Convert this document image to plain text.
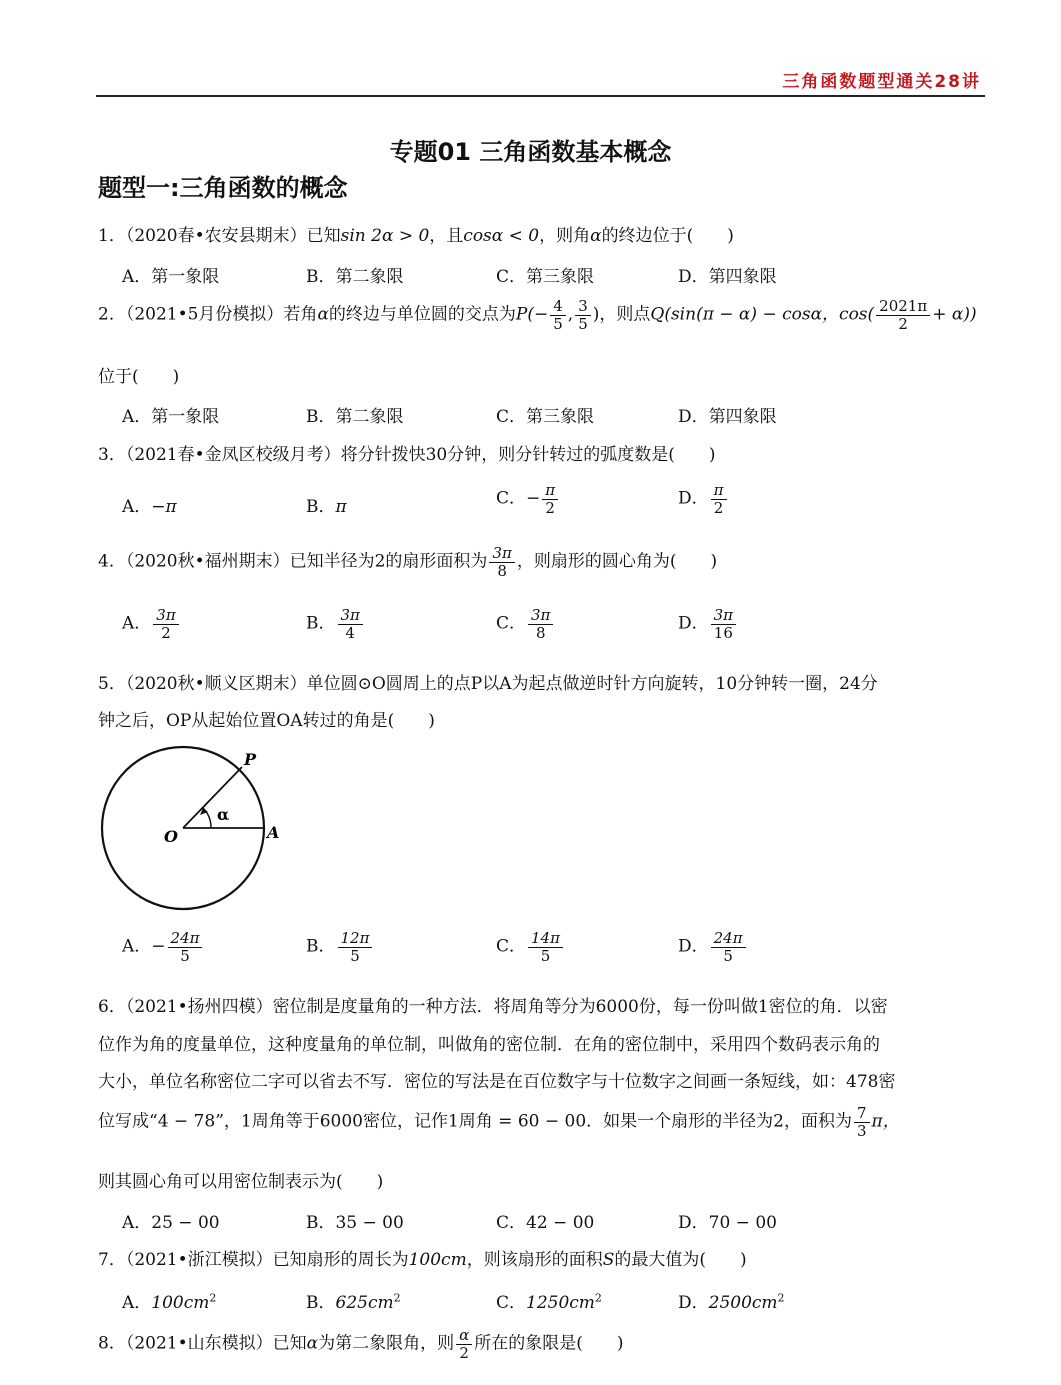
三角函数题型通关28讲
专题01 三角函数基本概念
题型一:三角函数的概念
1．（2020春•农安县期末）已知sin 2α > 0，且cosα < 0，则角α的终边位于(　　)
A．第一象限	B．第二象限	C．第三象限	D．第四象限
2．（2021•5月份模拟）若角α的终边与单位圆的交点为$P(- \frac{4}{5}$ , $\frac{3}{5}$ )，则点Q(sin(π − α) − cosα，$\cos( \frac{2021\pi}{2} + \alpha)$)
位于(　　)
A．第一象限	B．第二象限	C．第三象限	D．第四象限
3．（2021春•金凤区校级月考）将分针拨快30分钟，则分针转过的弧度数是(　　)
A．−π	B．π	C．− $\frac{\pi}{2}$	D． $\frac{\pi}{2}$
4．（2020秋•福州期末）已知半径为2的扇形面积为 $\frac{3\pi}{8}$ ，则扇形的圆心角为(　　)
A． $\frac{3\pi}{2}$	B． $\frac{3\pi}{4}$	C． $\frac{3\pi}{8}$	D． $\frac{3\pi}{16}$
5．（2020秋•顺义区期末）单位圆⊙O圆周上的点P以A为起点做逆时针方向旋转，10分钟转一圈，24分
钟之后，OP从起始位置OA转过的角是(　　)
P
O	A
α
A．− $\frac{24\pi}{5}$	B． $\frac{12\pi}{5}$	C． $\frac{14\pi}{5}$	D． $\frac{24\pi}{5}$
6．（2021•扬州四模）密位制是度量角的一种方法．将周角等分为6000份，每一份叫做1密位的角．以密
位作为角的度量单位，这种度量角的单位制，叫做角的密位制．在角的密位制中，采用四个数码表示角的
大小，单位名称密位二字可以省去不写．密位的写法是在百位数字与十位数字之间画一条短线，如：478密
位写成“4 − 78”，1周角等于6000密位，记作1周角 = 60 − 00．如果一个扇形的半径为2，面积为 $\frac{7}{3}$ π，
则其圆心角可以用密位制表示为(　　)
A．25 − 00	B．35 − 00	C．42 − 00	D．70 − 00
7．（2021•浙江模拟）已知扇形的周长为100cm，则该扇形的面积S的最大值为(　　)
A．$100cm^2$	B．$625cm^2$	C．$1250cm^2$	D．$2500cm^2$
8．（2021•山东模拟）已知α为第二象限角，则 $\frac{\alpha}{2}$ 所在的象限是(　　)
